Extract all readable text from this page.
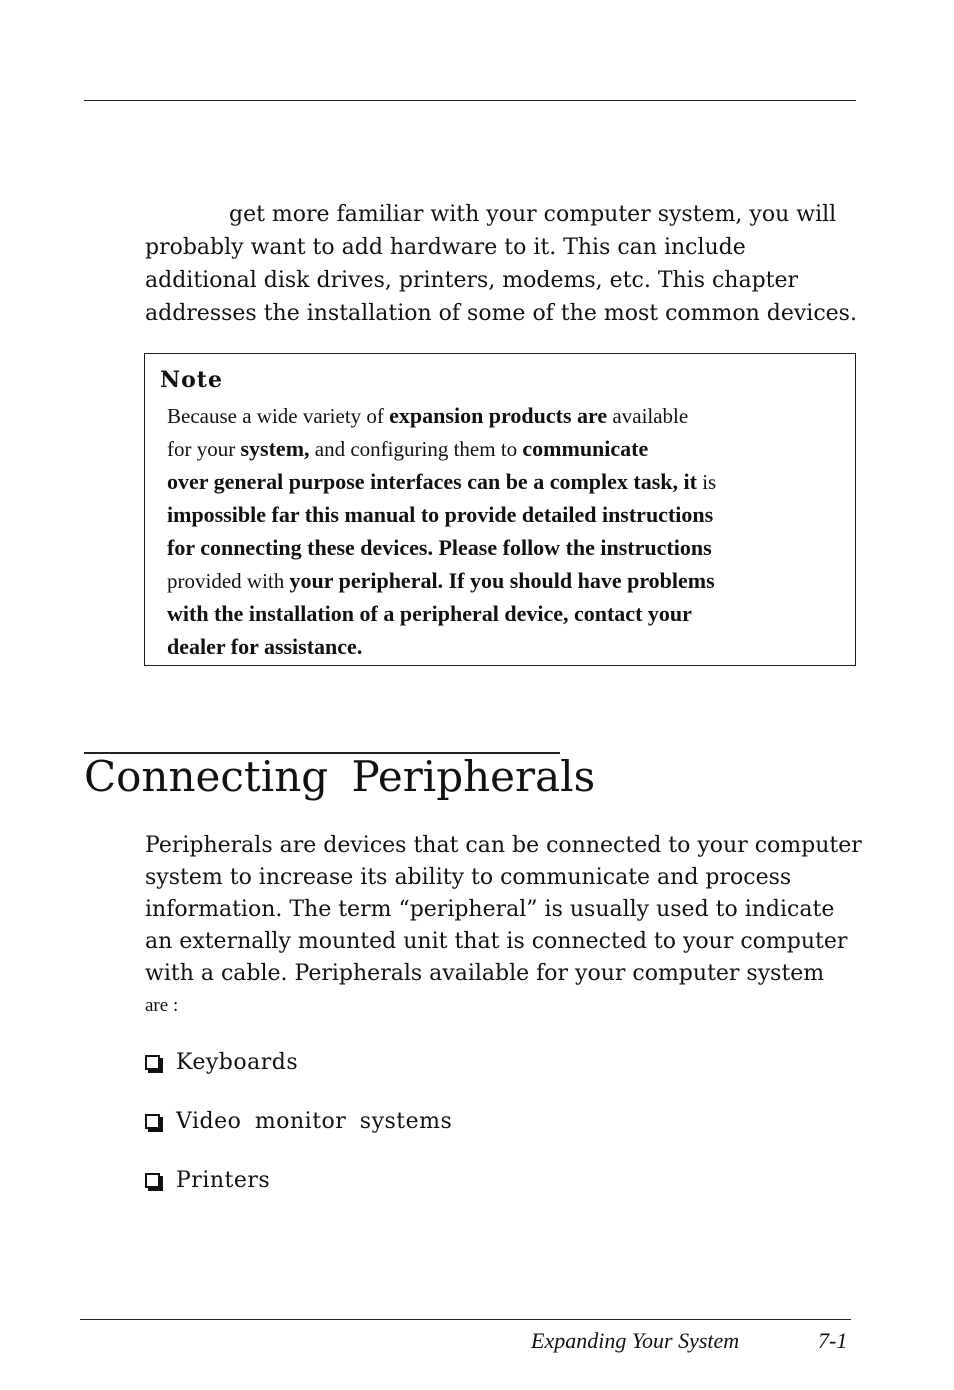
get more familiar with your computer system, you will
probably want to add hardware to it. This can include
additional disk drives, printers, modems, etc. This chapter
addresses the installation of some of the most common devices.
Note
Because a wide variety of expansion products are available
for your system, and configuring them to communicate
over general purpose interfaces can be a complex task, it is
impossible far this manual to provide detailed instructions
for connecting these devices. Please follow the instructions
provided with your peripheral. If you should have problems
with the installation of a peripheral device, contact your
dealer for assistance.
Connecting Peripherals
Peripherals are devices that can be connected to your computer
system to increase its ability to communicate and process
information. The term “peripheral” is usually used to indicate
an externally mounted unit that is connected to your computer
with a cable. Peripherals available for your computer system
are :
Keyboards
Video monitor systems
Printers
Expanding Your System	7-1
